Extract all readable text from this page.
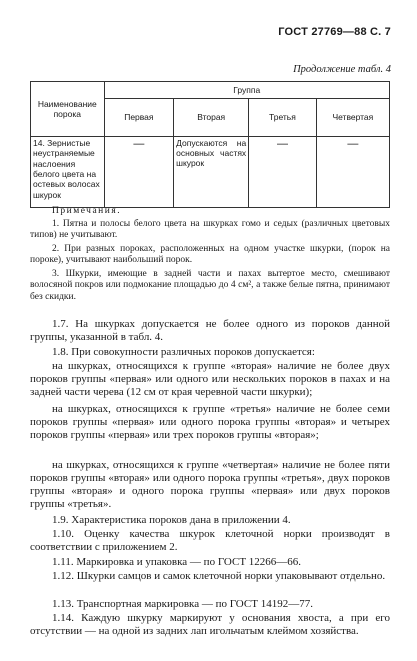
ГОСТ 27769—88 С. 7
Продолжение табл. 4
Наименование порока	Группа			
	Первая	Вторая	Третья	Четвертая
14. Зернистые неустраняемые наслоения белого цвета на остевых волосах шкурок	—	Допускаются на основных частях шкурок	—	—
Примечания.
1. Пятна и полосы белого цвета на шкурках гомо и седых (различных цветовых типов) не учитывают.
2. При разных пороках, расположенных на одном участке шкурки, (порок на пороке), учитывают наибольший порок.
3. Шкурки, имеющие в задней части и пахах вытертое место, смешивают волосяной покров или подмокание площадью до 4 см², а также белые пятна, принимают без скидки.
1.7. На шкурках допускается не более одного из пороков данной группы, указанной в табл. 4.
1.8. При совокупности различных пороков допускается:
на шкурках, относящихся к группе «вторая» наличие не более двух пороков группы «первая» или одного или нескольких пороков в пахах и на задней части черева (12 см от края черевной части шкурки);
на шкурках, относящихся к группе «третья» наличие не более семи пороков группы «первая» или одного порока группы «вторая» и четырех пороков группы «первая» или трех пороков группы «вторая»;
на шкурках, относящихся к группе «четвертая» наличие не более пяти пороков группы «вторая» или одного порока группы «третья», двух пороков группы «вторая» и одного порока группы «первая» или двух пороков группы «третья».
1.9. Характеристика пороков дана в приложении 4.
1.10. Оценку качества шкурок клеточной норки производят в соответствии с приложением 2.
1.11. Маркировка и упаковка — по ГОСТ 12266—66.
1.12. Шкурки самцов и самок клеточной норки упаковывают отдельно.
1.13. Транспортная маркировка — по ГОСТ 14192—77.
1.14. Каждую шкурку маркируют у основания хвоста, а при его отсутствии — на одной из задних лап игольчатым клеймом хозяйства.
